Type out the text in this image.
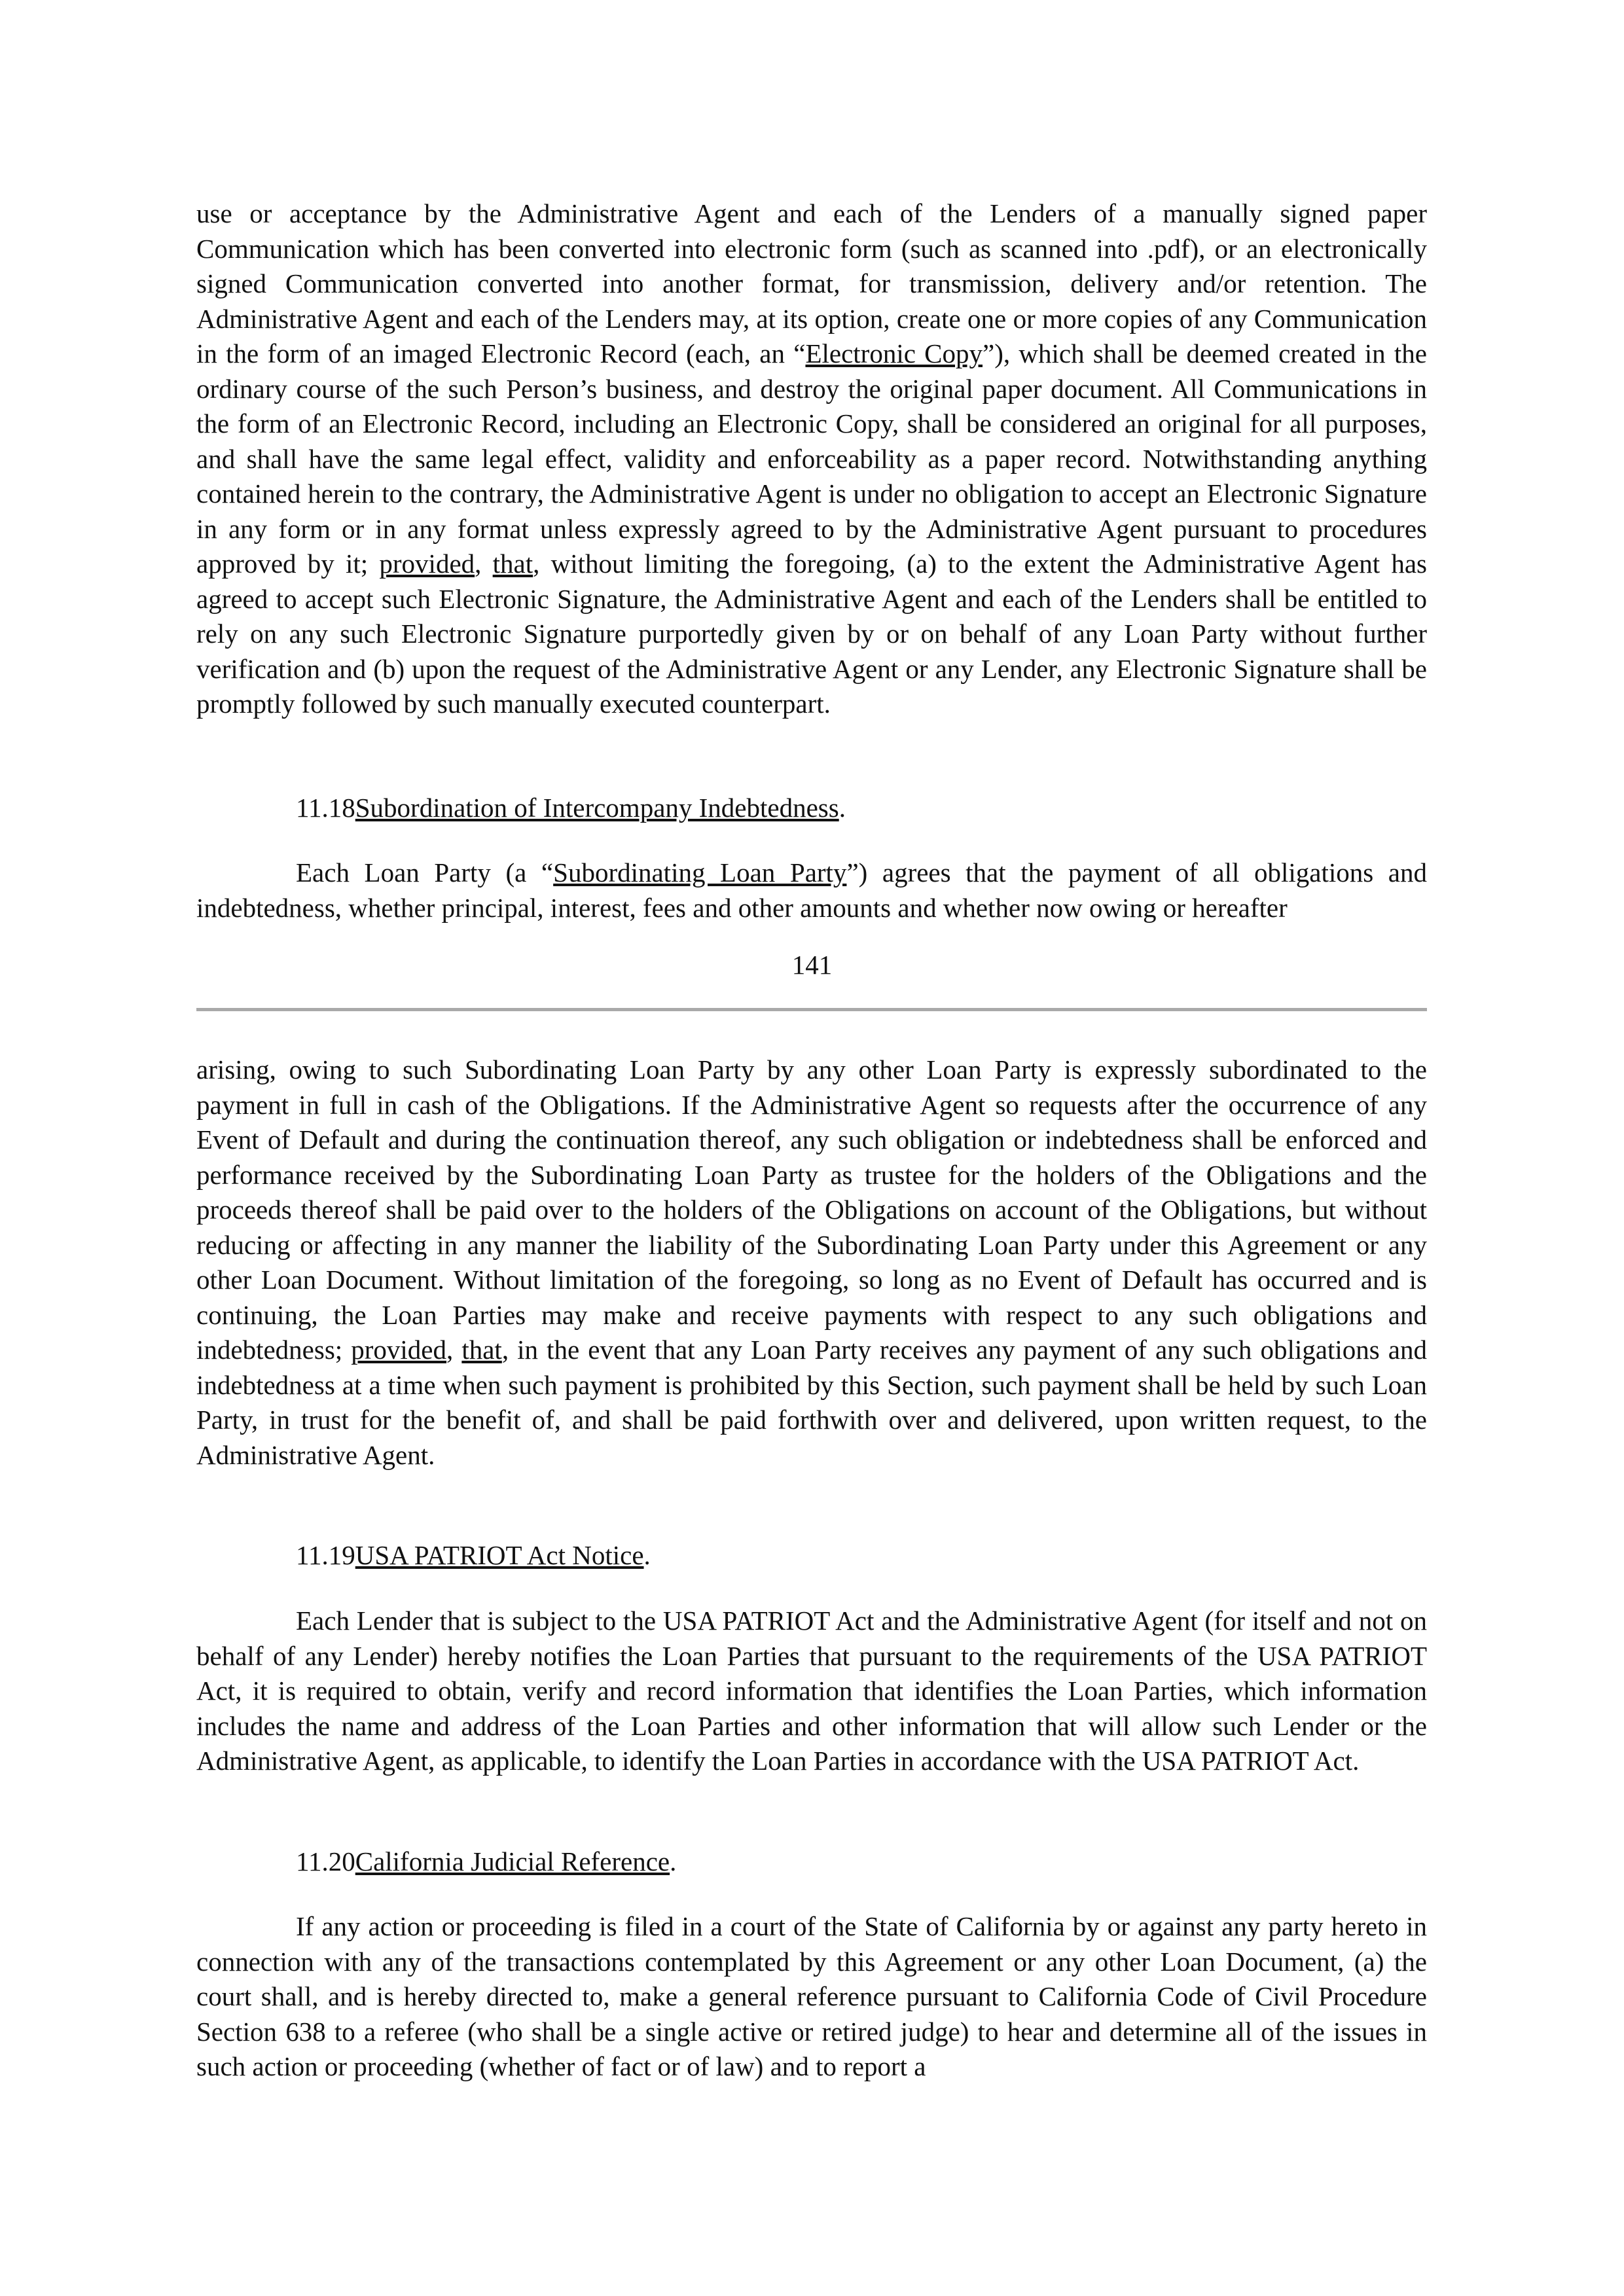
use or acceptance by the Administrative Agent and each of the Lenders of a manually signed paper Communication which has been converted into electronic form (such as scanned into .pdf), or an electronically signed Communication converted into another format, for transmission, delivery and/or retention. The Administrative Agent and each of the Lenders may, at its option, create one or more copies of any Communication in the form of an imaged Electronic Record (each, an “Electronic Copy”), which shall be deemed created in the ordinary course of the such Person’s business, and destroy the original paper document. All Communications in the form of an Electronic Record, including an Electronic Copy, shall be considered an original for all purposes, and shall have the same legal effect, validity and enforceability as a paper record. Notwithstanding anything contained herein to the contrary, the Administrative Agent is under no obligation to accept an Electronic Signature in any form or in any format unless expressly agreed to by the Administrative Agent pursuant to procedures approved by it; provided, that, without limiting the foregoing, (a) to the extent the Administrative Agent has agreed to accept such Electronic Signature, the Administrative Agent and each of the Lenders shall be entitled to rely on any such Electronic Signature purportedly given by or on behalf of any Loan Party without further verification and (b) upon the request of the Administrative Agent or any Lender, any Electronic Signature shall be promptly followed by such manually executed counterpart.

11.18Subordination of Intercompany Indebtedness.

Each Loan Party (a “Subordinating Loan Party”) agrees that the payment of all obligations and indebtedness, whether principal, interest, fees and other amounts and whether now owing or hereafter

141

arising, owing to such Subordinating Loan Party by any other Loan Party is expressly subordinated to the payment in full in cash of the Obligations. If the Administrative Agent so requests after the occurrence of any Event of Default and during the continuation thereof, any such obligation or indebtedness shall be enforced and performance received by the Subordinating Loan Party as trustee for the holders of the Obligations and the proceeds thereof shall be paid over to the holders of the Obligations on account of the Obligations, but without reducing or affecting in any manner the liability of the Subordinating Loan Party under this Agreement or any other Loan Document. Without limitation of the foregoing, so long as no Event of Default has occurred and is continuing, the Loan Parties may make and receive payments with respect to any such obligations and indebtedness; provided, that, in the event that any Loan Party receives any payment of any such obligations and indebtedness at a time when such payment is prohibited by this Section, such payment shall be held by such Loan Party, in trust for the benefit of, and shall be paid forthwith over and delivered, upon written request, to the Administrative Agent.

11.19USA PATRIOT Act Notice.

Each Lender that is subject to the USA PATRIOT Act and the Administrative Agent (for itself and not on behalf of any Lender) hereby notifies the Loan Parties that pursuant to the requirements of the USA PATRIOT Act, it is required to obtain, verify and record information that identifies the Loan Parties, which information includes the name and address of the Loan Parties and other information that will allow such Lender or the Administrative Agent, as applicable, to identify the Loan Parties in accordance with the USA PATRIOT Act.

11.20California Judicial Reference.

If any action or proceeding is filed in a court of the State of California by or against any party hereto in connection with any of the transactions contemplated by this Agreement or any other Loan Document, (a) the court shall, and is hereby directed to, make a general reference pursuant to California Code of Civil Procedure Section 638 to a referee (who shall be a single active or retired judge) to hear and determine all of the issues in such action or proceeding (whether of fact or of law) and to report a
